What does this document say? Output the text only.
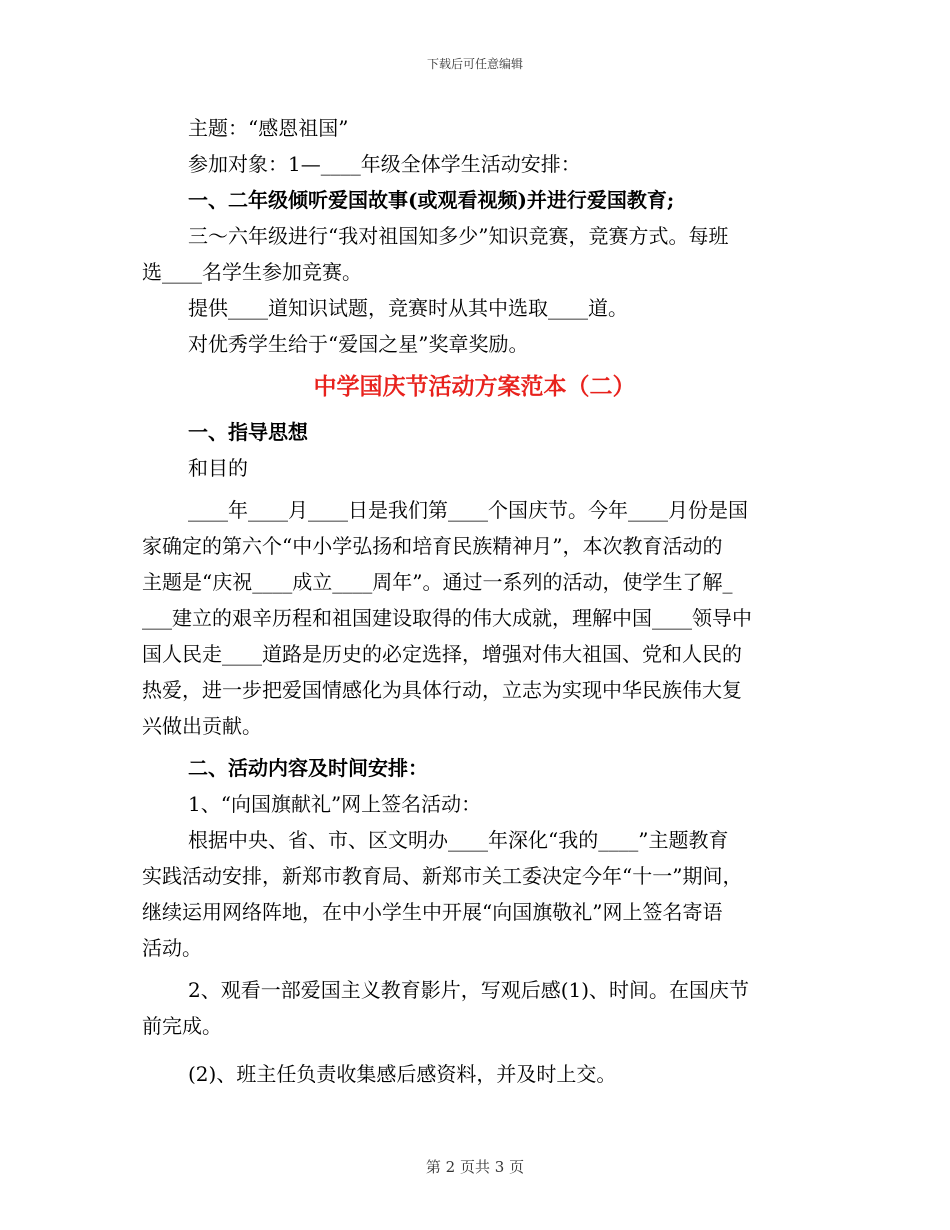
下载后可任意编辑
主题：“感恩祖国”
参加对象：1—____年级全体学生活动安排：
一、二年级倾听爱国故事(或观看视频)并进行爱国教育;
三～六年级进行“我对祖国知多少”知识竞赛，竞赛方式。每班
选____名学生参加竞赛。
提供____道知识试题，竞赛时从其中选取____道。
对优秀学生给于“爱国之星”奖章奖励。
中学国庆节活动方案范本（二）
一、指导思想
和目的
____年____月____日是我们第____个国庆节。今年____月份是国
家确定的第六个“中小学弘扬和培育民族精神月”，本次教育活动的
主题是“庆祝____成立____周年”。通过一系列的活动，使学生了解_
___建立的艰辛历程和祖国建设取得的伟大成就，理解中国____领导中
国人民走____道路是历史的必定选择，增强对伟大祖国、党和人民的
热爱，进一步把爱国情感化为具体行动，立志为实现中华民族伟大复
兴做出贡献。
二、活动内容及时间安排：
1、“向国旗献礼”网上签名活动：
根据中央、省、市、区文明办____年深化“我的____”主题教育
实践活动安排，新郑市教育局、新郑市关工委决定今年“十一”期间，
继续运用网络阵地，在中小学生中开展“向国旗敬礼”网上签名寄语
活动。
2、观看一部爱国主义教育影片，写观后感(1)、时间。在国庆节
前完成。
(2)、班主任负责收集感后感资料，并及时上交。
第 2 页共 3 页
